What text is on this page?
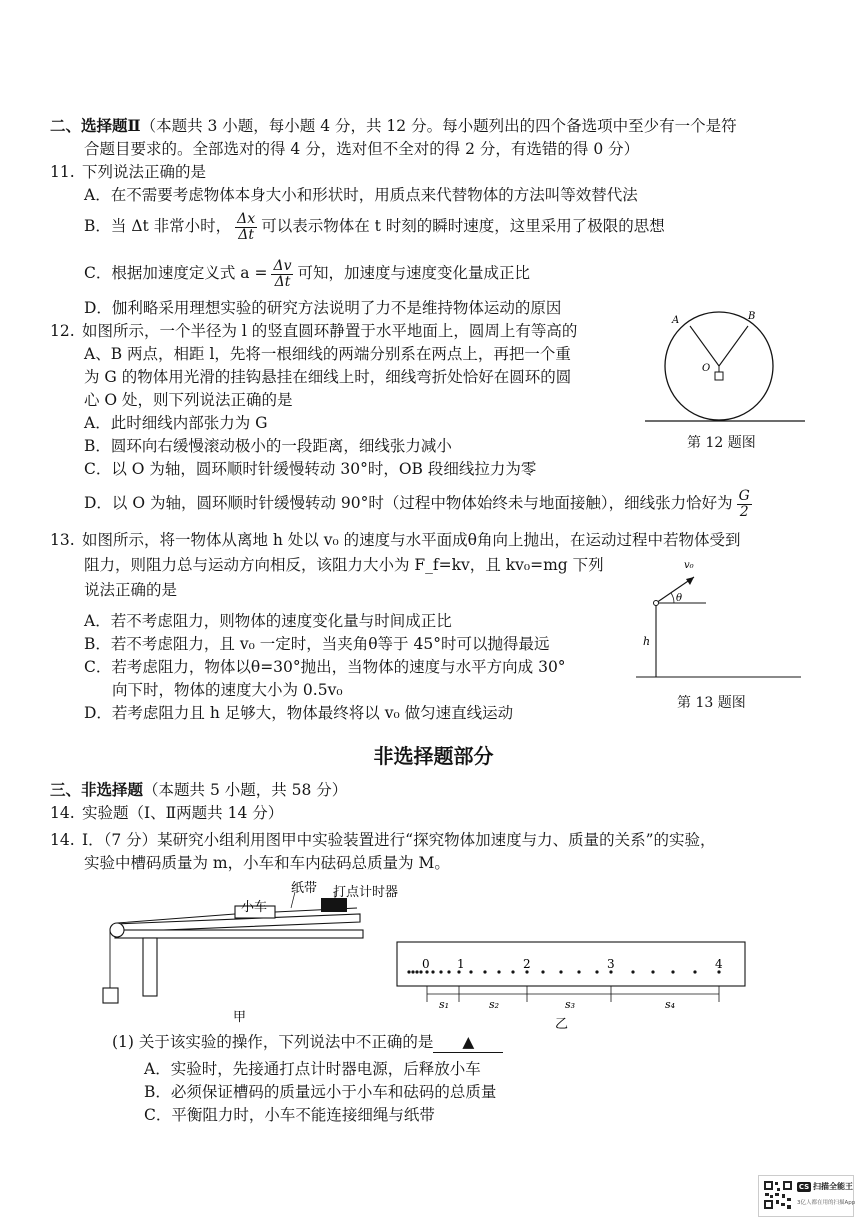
二、选择题Ⅱ（本题共 3 小题，每小题 4 分，共 12 分。每小题列出的四个备选项中至少有一个是符
合题目要求的。全部选对的得 4 分，选对但不全对的得 2 分，有选错的得 0 分）
11. 下列说法正确的是
A．在不需要考虑物体本身大小和形状时，用质点来代替物体的方法叫等效替代法
B．当 Δt 非常小时， $\frac{\Delta x}{\Delta t}$ 可以表示物体在 t 时刻的瞬时速度，这里采用了极限的思想
C．根据加速度定义式 $a = \frac{\Delta v}{\Delta t}$ 可知，加速度与速度变化量成正比
D．伽利略采用理想实验的研究方法说明了力不是维持物体运动的原因
12. 如图所示，一个半径为 l 的竖直圆环静置于水平地面上，圆周上有等高的
A、B 两点，相距 l，先将一根细线的两端分别系在两点上，再把一个重
为 G 的物体用光滑的挂钩悬挂在细线上时，细线弯折处恰好在圆环的圆
心 O 处，则下列说法正确的是
A．此时细线内部张力为 G
B．圆环向右缓慢滚动极小的一段距离，细线张力减小
C．以 O 为轴，圆环顺时针缓慢转动 30°时，OB 段细线拉力为零
D．以 O 为轴，圆环顺时针缓慢转动 90°时（过程中物体始终未与地面接触），细线张力恰好为 $\frac{G}{2}$
A	B
O
第 12 题图
13. 如图所示，将一物体从离地 h 处以 v₀ 的速度与水平面成θ角向上抛出，在运动过程中若物体受到
阻力，则阻力总与运动方向相反，该阻力大小为 F_f=kv，且 kv₀=mg 下列
说法正确的是
A．若不考虑阻力，则物体的速度变化量与时间成正比
B．若不考虑阻力，且 v₀ 一定时，当夹角θ等于 45°时可以抛得最远
C．若考虑阻力，物体以θ=30°抛出，当物体的速度与水平方向成 30°
向下时，物体的速度大小为 0.5v₀
D．若考虑阻力且 h 足够大，物体最终将以 v₀ 做匀速直线运动
v₀
θ
h
第 13 题图
非选择题部分
三、非选择题（本题共 5 小题，共 58 分）
14. 实验题（Ⅰ、Ⅱ两题共 14 分）
14. Ⅰ．（7 分）某研究小组利用图甲中实验装置进行“探究物体加速度与力、质量的关系”的实验，
实验中槽码质量为 m，小车和车内砝码总质量为 M。
小车
纸带 打点计时器
甲
0 1	2	3	4
s₁	s₂	s₃	s₄
乙
(1) 关于该实验的操作，下列说法中不正确的是 ▲
A．实验时，先接通打点计时器电源，后释放小车
B．必须保证槽码的质量远小于小车和砝码的总质量
C．平衡阻力时，小车不能连接细绳与纸带
CS 扫描全能王
3亿人都在用的扫描App
